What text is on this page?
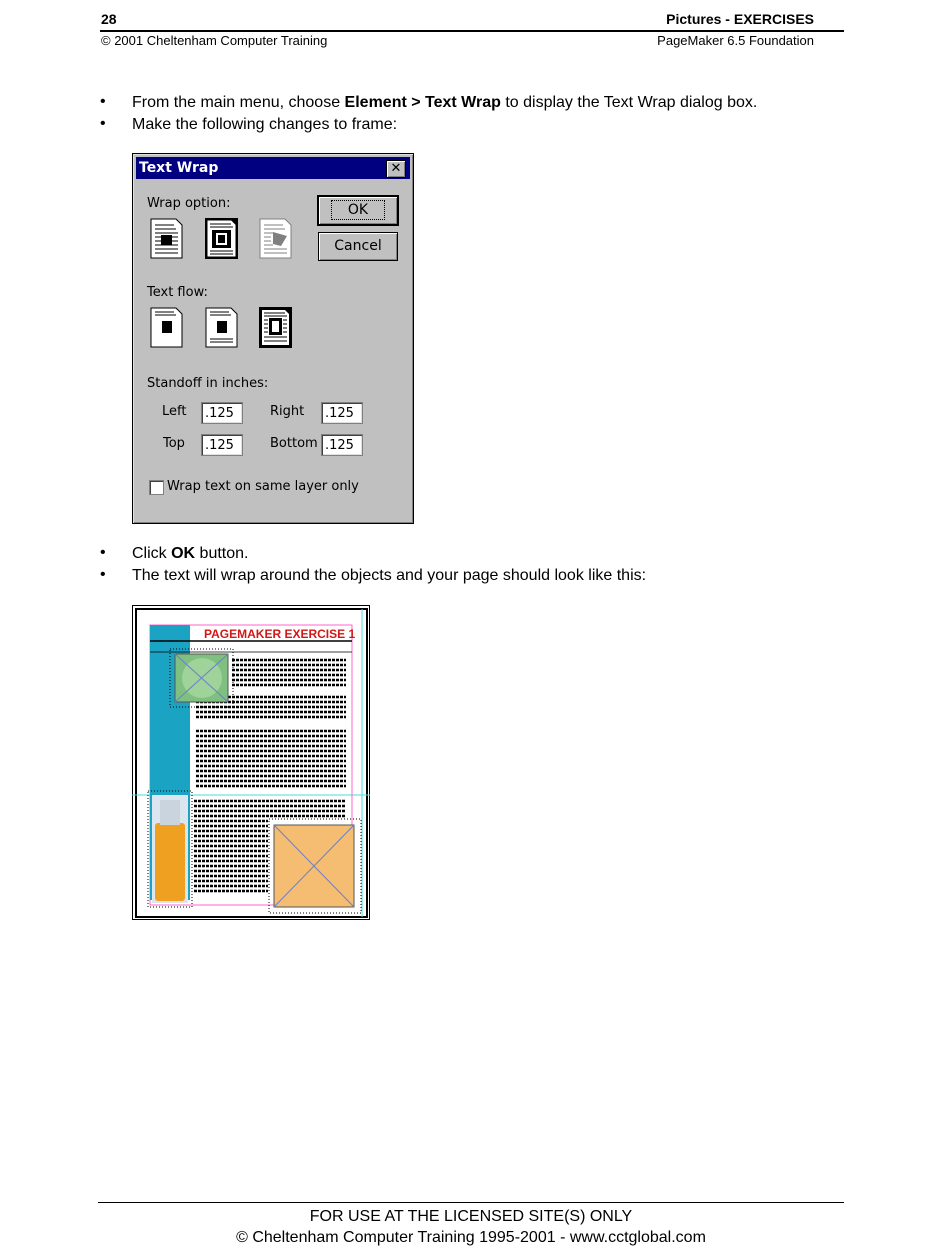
28	Pictures - EXERCISES
© 2001 Cheltenham Computer Training	PageMaker 6.5 Foundation
• From the main menu, choose Element > Text Wrap to display the Text Wrap dialog box.
• Make the following changes to frame:
Text Wrap	✕
Wrap option:	OK
Cancel
Text flow:
Standoff in inches:
Left	.125	Right	.125
Top	.125	Bottom .125
Wrap text on same layer only
• Click OK button.
• The text will wrap around the objects and your page should look like this:
PAGEMAKER EXERCISE 1
FOR USE AT THE LICENSED SITE(S) ONLY
© Cheltenham Computer Training 1995-2001 - www.cctglobal.com
